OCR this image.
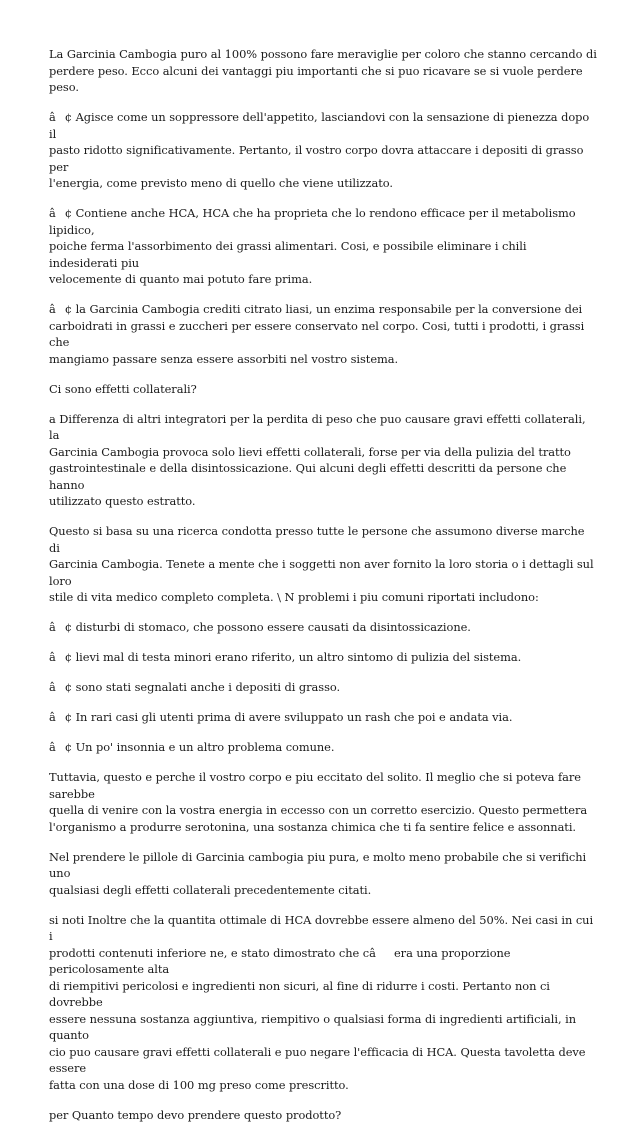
La Garcinia Cambogia puro al 100% possono fare meraviglie per coloro che stanno cercando di
perdere peso. Ecco alcuni dei vantaggi piu importanti che si puo ricavare se si vuole perdere peso.

â¢ Agisce come un soppressore dell'appetito, lasciandovi con la sensazione di pienezza dopo il
pasto ridotto significativamente. Pertanto, il vostro corpo dovra attaccare i depositi di grasso per
l'energia, come previsto meno di quello che viene utilizzato.

â¢ Contiene anche HCA, HCA che ha proprieta che lo rendono efficace per il metabolismo lipidico,
poiche ferma l'assorbimento dei grassi alimentari. Cosi, e possibile eliminare i chili indesiderati piu
velocemente di quanto mai potuto fare prima.

â¢ la Garcinia Cambogia crediti citrato liasi, un enzima responsabile per la conversione dei
carboidrati in grassi e zuccheri per essere conservato nel corpo. Cosi, tutti i prodotti, i grassi che
mangiamo passare senza essere assorbiti nel vostro sistema.

Ci sono effetti collaterali?

a Differenza di altri integratori per la perdita di peso che puo causare gravi effetti collaterali, la
Garcinia Cambogia provoca solo lievi effetti collaterali, forse per via della pulizia del tratto
gastrointestinale e della disintossicazione. Qui alcuni degli effetti descritti da persone che hanno
utilizzato questo estratto.

Questo si basa su una ricerca condotta presso tutte le persone che assumono diverse marche di
Garcinia Cambogia. Tenete a mente che i soggetti non aver fornito la loro storia o i dettagli sul loro
stile di vita medico completo completa. \ N problemi i piu comuni riportati includono:

â¢ disturbi di stomaco, che possono essere causati da disintossicazione.

â¢ lievi mal di testa minori erano riferito, un altro sintomo di pulizia del sistema.

â¢ sono stati segnalati anche i depositi di grasso.

â¢ In rari casi gli utenti prima di avere sviluppato un rash che poi e andata via.

â¢ Un po' insonnia e un altro problema comune.

Tuttavia, questo e perche il vostro corpo e piu eccitato del solito. Il meglio che si poteva fare sarebbe
quella di venire con la vostra energia in eccesso con un corretto esercizio. Questo permettera
l'organismo a produrre serotonina, una sostanza chimica che ti fa sentire felice e assonnati.

Nel prendere le pillole di Garcinia cambogia piu pura, e molto meno probabile che si verifichi uno
qualsiasi degli effetti collaterali precedentemente citati.

si noti Inoltre che la quantita ottimale di HCA dovrebbe essere almeno del 50%. Nei casi in cui i
prodotti contenuti inferiore ne, e stato dimostrato che câera una proporzione pericolosamente alta
di riempitivi pericolosi e ingredienti non sicuri, al fine di ridurre i costi. Pertanto non ci dovrebbe
essere nessuna sostanza aggiuntiva, riempitivo o qualsiasi forma di ingredienti artificiali, in quanto
cio puo causare gravi effetti collaterali e puo negare l'efficacia di HCA. Questa tavoletta deve essere
fatta con una dose di 100 mg preso come prescritto.

per Quanto tempo devo prendere questo prodotto?
